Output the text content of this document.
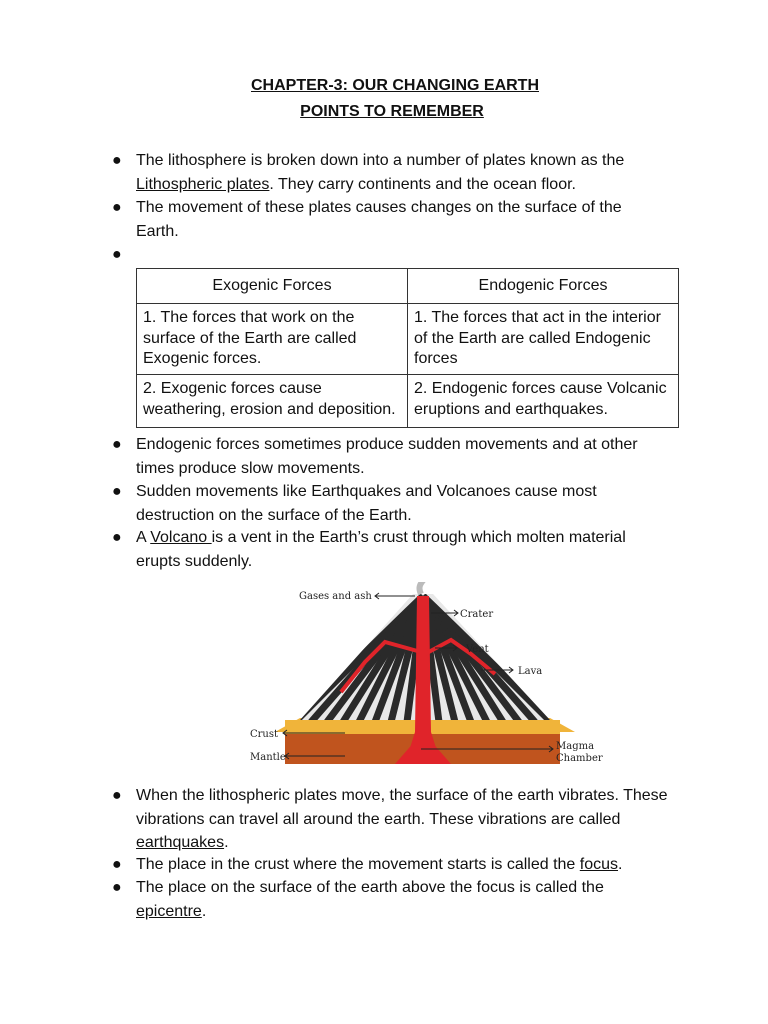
CHAPTER-3: OUR CHANGING EARTH
POINTS TO REMEMBER
● The lithosphere is broken down into a number of plates known as the Lithospheric plates. They carry continents and the ocean floor.
● The movement of these plates causes changes on the surface of the Earth.
●
Exogenic Forces	Endogenic Forces
1. The forces that work on the surface of the Earth are called Exogenic forces.	1. The forces that act in the interior of the Earth are called Endogenic forces
2. Exogenic forces cause weathering, erosion and deposition.	2. Endogenic forces cause Volcanic eruptions and earthquakes.
● Endogenic forces sometimes produce sudden movements and at other times produce slow movements.
● Sudden movements like Earthquakes and Volcanoes cause most destruction on the surface of the Earth.
● A Volcano is a vent in the Earth’s crust through which molten material erupts suddenly.
Gases and ash
Crater
Vent
Lava
Crust
Mantle
Magma
Chamber
● When the lithospheric plates move, the surface of the earth vibrates. These vibrations can travel all around the earth. These vibrations are called earthquakes.
● The place in the crust where the movement starts is called the focus.
● The place on the surface of the earth above the focus is called the epicentre.
